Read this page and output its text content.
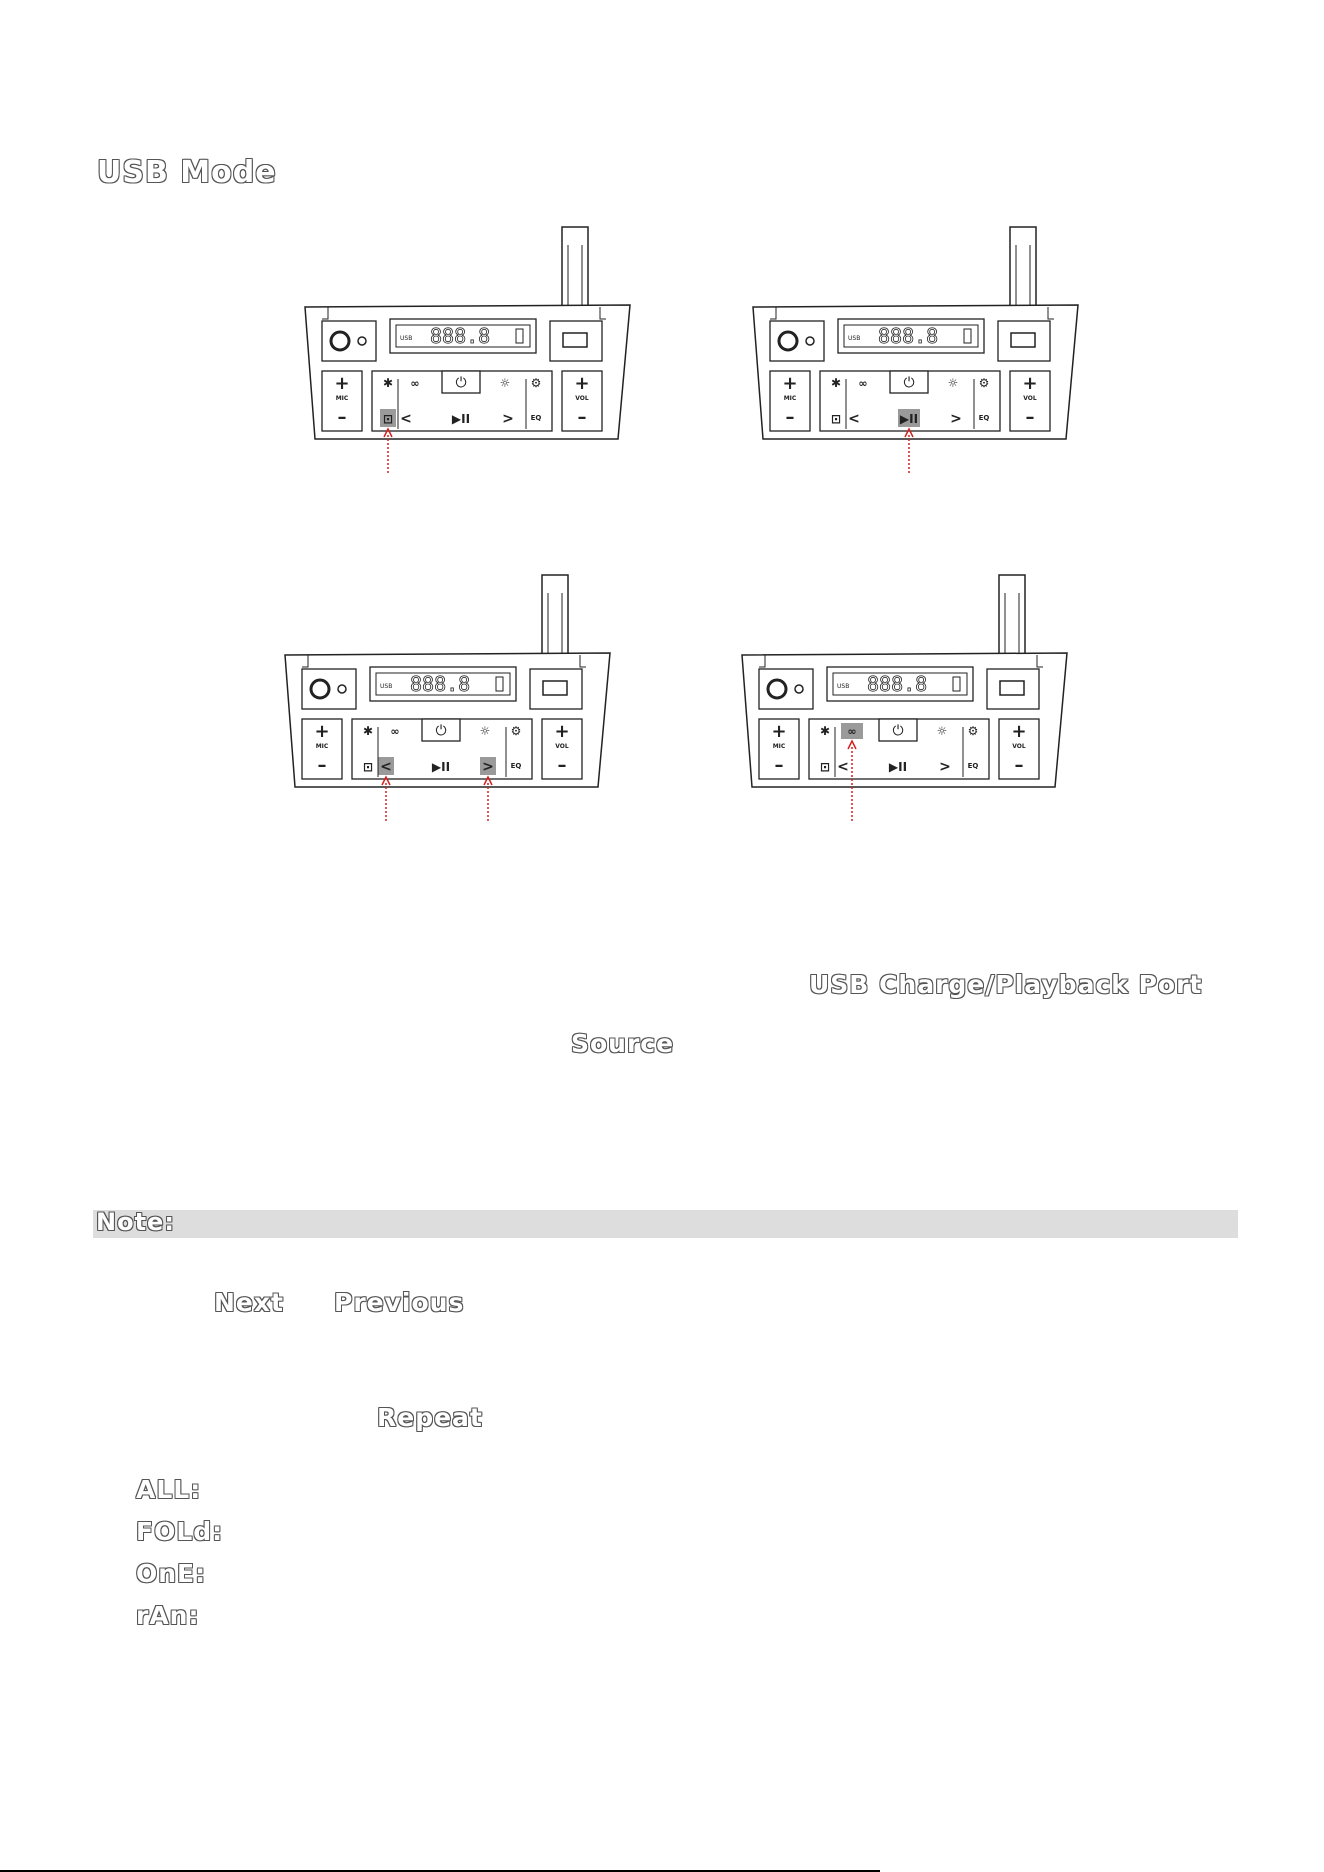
USB Mode
USB 888.8
+
MIC
–
+
VOL
–
⏻
✱ ∞	☼ ⚙
⊡ <	▶II > EQ
USB 888.8
+
MIC
–
+
VOL
–
⏻
✱ ∞	☼ ⚙
⊡ <	▶II > EQ
USB 888.8
+
MIC
–
+
VOL
–
⏻
✱ ∞	☼ ⚙
⊡ <	▶II > EQ
USB 888.8
+
MIC
–
+
VOL
–
⏻
✱ ∞	☼ ⚙
⊡ <	▶II > EQ
USB Charge/Playback Port
Source
Note:
Next Previous
Repeat
ALL:
FOLd:
OnE:
rAn:
